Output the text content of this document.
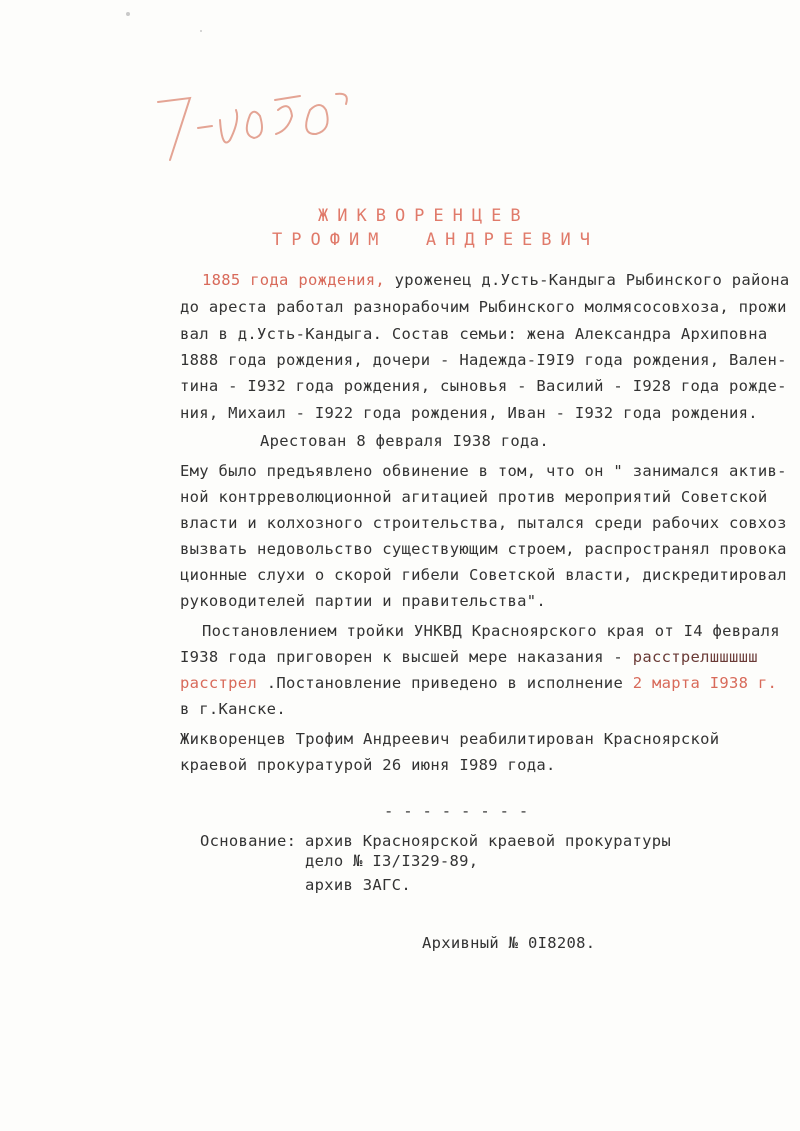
ЖИКВОРЕНЦЕВ
ТРОФИМ  АНДРЕЕВИЧ
1885 года рождения, уроженец д.Усть-Кандыга Рыбинского района
до ареста работал разнорабочим Рыбинского молмясосовхоза, прожи
вал в д.Усть-Кандыга. Состав семьи: жена Александра Архиповна
1888 года рождения, дочери - Надежда-I9I9 года рождения, Вален-
тина - I932 года рождения, сыновья - Василий - I928 года рожде-
ния, Михаил - I922 года рождения, Иван - I932 года рождения.
Арестован 8 февраля I938 года.
Ему было предъявлено обвинение в том, что он " занимался актив-
ной контрреволюционной агитацией против мероприятий Советской
власти и колхозного строительства, пытался среди рабочих совхоз
вызвать недовольство существующим строем, распространял провока
ционные слухи о скорой гибели Советской власти, дискредитировал
руководителей партии и правительства".
Постановлением тройки УНКВД Красноярского края от I4 февраля
I938 года приговорен к высшей мере наказания - расстрелшшшшш
расстрел .Постановление приведено в исполнение 2 марта I938 г.
в г.Канске.
Жикворенцев Трофим Андреевич реабилитирован Красноярской
краевой прокуратурой 26 июня I989 года.
- - - - - - - -
Основание: архив Красноярской краевой прокуратуры
дело № I3/I329-89,
архив ЗАГС.
Архивный № 0I8208.
